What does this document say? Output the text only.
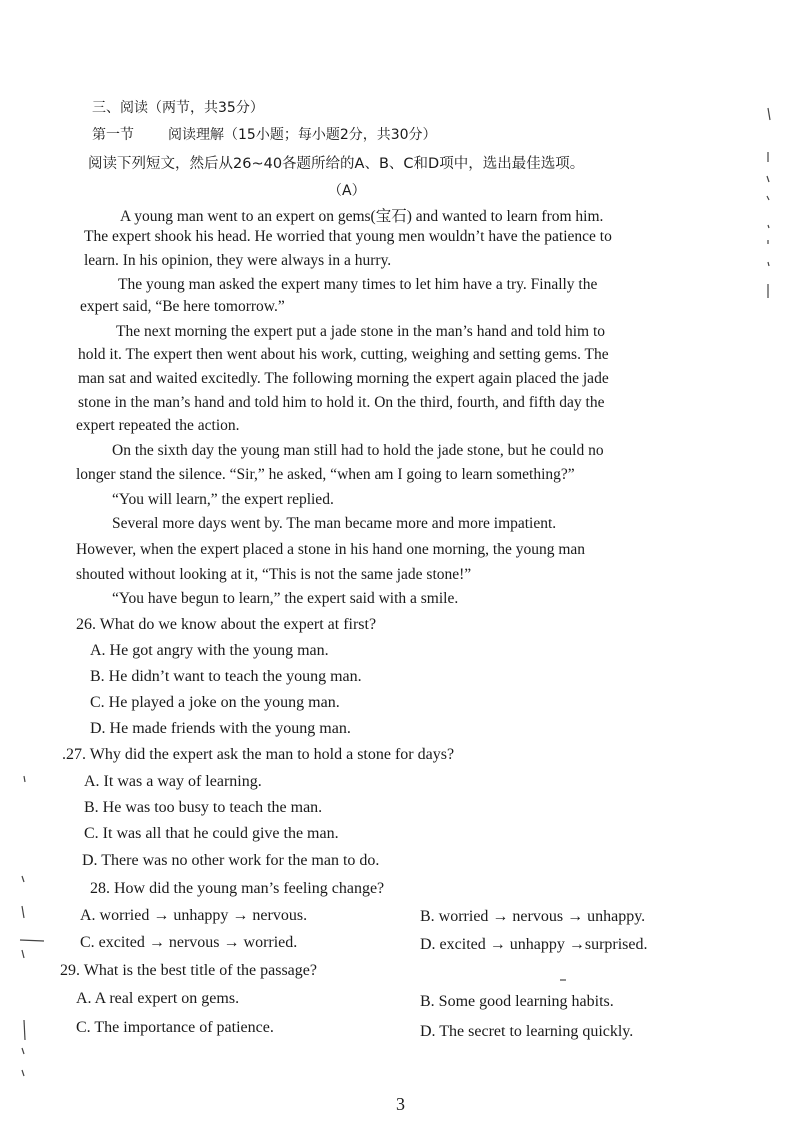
三、阅读（两节，共35分）
第一节 阅读理解（15小题；每小题2分，共30分）
阅读下列短文，然后从26~40各题所给的A、B、C和D项中，选出最佳选项。
（A）
A young man went to an expert on gems(宝石) and wanted to learn from him.
The expert shook his head. He worried that young men wouldn’t have the patience to
learn. In his opinion, they were always in a hurry.
The young man asked the expert many times to let him have a try. Finally the
expert said, “Be here tomorrow.”
The next morning the expert put a jade stone in the man’s hand and told him to
hold it. The expert then went about his work, cutting, weighing and setting gems. The
man sat and waited excitedly. The following morning the expert again placed the jade
stone in the man’s hand and told him to hold it. On the third, fourth, and fifth day the
expert repeated the action.
On the sixth day the young man still had to hold the jade stone, but he could no
longer stand the silence. “Sir,” he asked, “when am I going to learn something?”
“You will learn,” the expert replied.
Several more days went by. The man became more and more impatient.
However, when the expert placed a stone in his hand one morning, the young man
shouted without looking at it, “This is not the same jade stone!”
“You have begun to learn,” the expert said with a smile.
26. What do we know about the expert at first?
A. He got angry with the young man.
B. He didn’t want to teach the young man.
C. He played a joke on the young man.
D. He made friends with the young man.
.27. Why did the expert ask the man to hold a stone for days?
A. It was a way of learning.
B. He was too busy to teach the man.
C. It was all that he could give the man.
D. There was no other work for the man to do.
28. How did the young man’s feeling change?
A. worried → unhappy → nervous.	B. worried → nervous → unhappy.
C. excited → nervous → worried.	D. excited → unhappy →surprised.
29. What is the best title of the passage?
A. A real expert on gems.	B. Some good learning habits.
C. The importance of patience.	D. The secret to learning quickly.
3
